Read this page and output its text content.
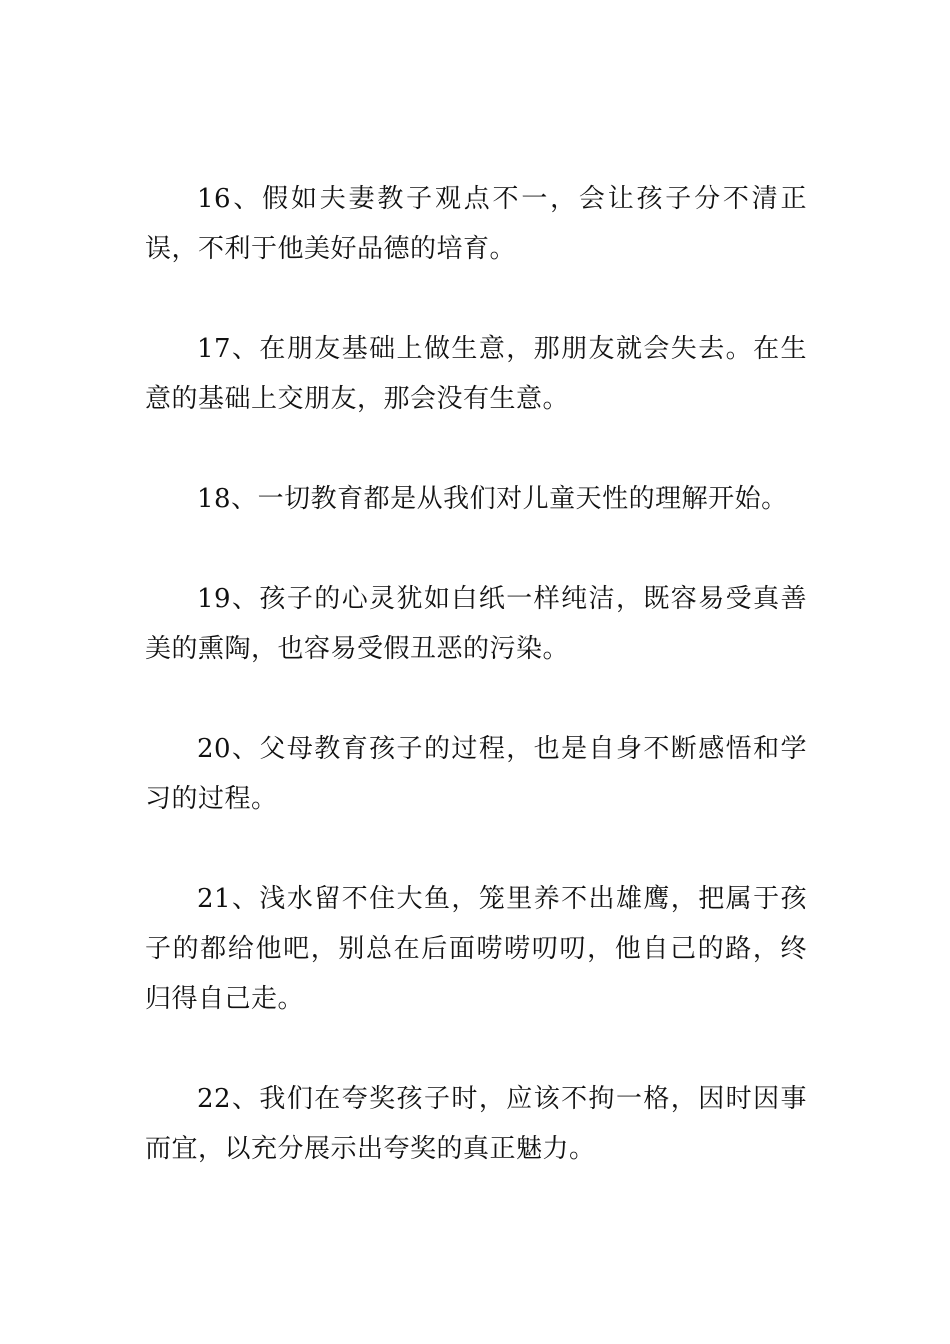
16、假如夫妻教子观点不一，会让孩子分不清正误，不利于他美好品德的培育。

17、在朋友基础上做生意，那朋友就会失去。在生意的基础上交朋友，那会没有生意。

18、一切教育都是从我们对儿童天性的理解开始。

19、孩子的心灵犹如白纸一样纯洁，既容易受真善美的熏陶，也容易受假丑恶的污染。

20、父母教育孩子的过程，也是自身不断感悟和学习的过程。

21、浅水留不住大鱼，笼里养不出雄鹰，把属于孩子的都给他吧，别总在后面唠唠叨叨，他自己的路，终归得自己走。

22、我们在夸奖孩子时，应该不拘一格，因时因事而宜，以充分展示出夸奖的真正魅力。
